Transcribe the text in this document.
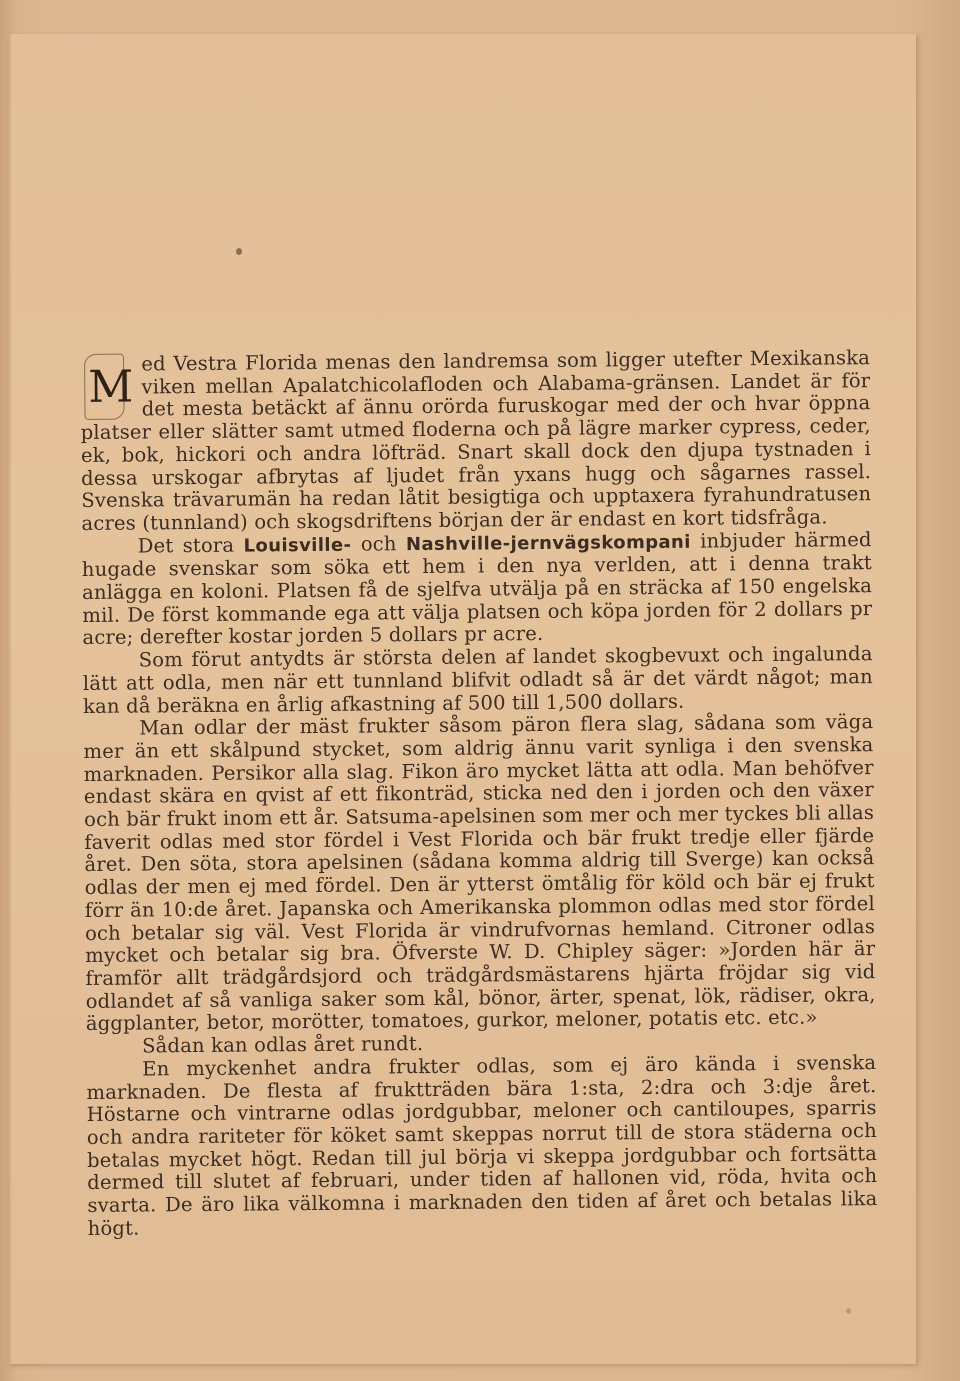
M
ed Vestra Florida menas den landremsa som ligger utefter Mexikanska viken mellan Apalatchicolafloden och Alabama-gränsen. Landet är för det mesta betäckt af ännu orörda furuskogar med der och hvar öppna platser eller slätter samt utmed floderna och på lägre marker cypress, ceder, ek, bok, hickori och andra löfträd. Snart skall dock den djupa tystnaden i dessa urskogar afbrytas af ljudet från yxans hugg och sågarnes rassel. Svenska trävarumän ha redan låtit besigtiga och upptaxera fyrahundratusen acres (tunnland) och skogsdriftens början der är endast en kort tidsfråga.

Det stora Louisville- och Nashville-jernvägskompani inbjuder härmed hugade svenskar som söka ett hem i den nya verlden, att i denna trakt anlägga en koloni. Platsen få de sjelfva utvälja på en sträcka af 150 engelska mil. De först kommande ega att välja platsen och köpa jorden för 2 dollars pr acre; derefter kostar jorden 5 dollars pr acre.

Som förut antydts är största delen af landet skogbevuxt och ingalunda lätt att odla, men när ett tunnland blifvit odladt så är det värdt något; man kan då beräkna en årlig afkastning af 500 till 1,500 dollars.

Man odlar der mäst frukter såsom päron flera slag, sådana som väga mer än ett skålpund stycket, som aldrig ännu varit synliga i den svenska marknaden. Persikor alla slag. Fikon äro mycket lätta att odla. Man behöfver endast skära en qvist af ett fikonträd, sticka ned den i jorden och den växer och bär frukt inom ett år. Satsuma-apelsinen som mer och mer tyckes bli allas faverit odlas med stor fördel i Vest Florida och bär frukt tredje eller fjärde året. Den söta, stora apelsinen (sådana komma aldrig till Sverge) kan också odlas der men ej med fördel. Den är ytterst ömtålig för köld och bär ej frukt förr än 10:de året. Japanska och Amerikanska plommon odlas med stor fördel och betalar sig väl. Vest Florida är vindrufvornas hemland. Citroner odlas mycket och betalar sig bra. Öfverste W. D. Chipley säger: »Jorden här är framför allt trädgårdsjord och trädgårdsmästarens hjärta fröjdar sig vid odlandet af så vanliga saker som kål, bönor, ärter, spenat, lök, rädiser, okra, äggplanter, betor, morötter, tomatoes, gurkor, meloner, potatis etc. etc.»

Sådan kan odlas året rundt.

En myckenhet andra frukter odlas, som ej äro kända i svenska marknaden. De flesta af fruktträden bära 1:sta, 2:dra och 3:dje året. Höstarne och vintrarne odlas jordgubbar, meloner och cantiloupes, sparris och andra rariteter för köket samt skeppas norrut till de stora städerna och betalas mycket högt. Redan till jul börja vi skeppa jordgubbar och fortsätta dermed till slutet af februari, under tiden af hallonen vid, röda, hvita och svarta. De äro lika välkomna i marknaden den tiden af året och betalas lika högt.
